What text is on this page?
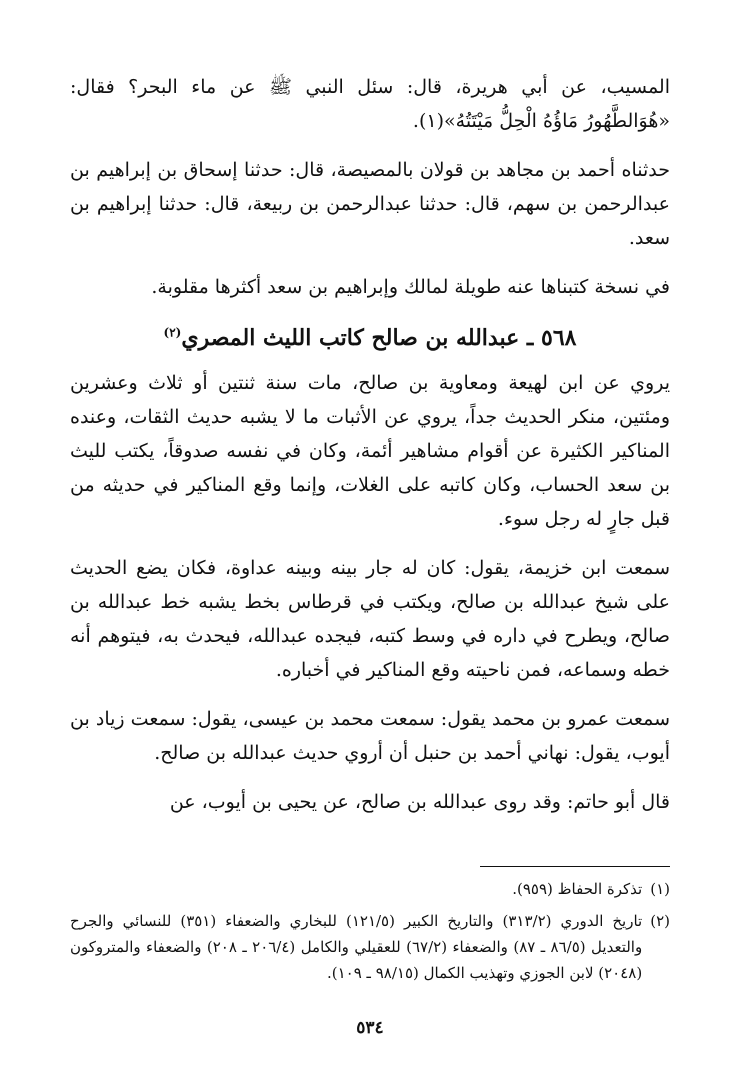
المسيب، عن أبي هريرة، قال: سئل النبي ﷺ عن ماء البحر؟ فقال: «هُوَالطَّهُورُ مَاؤُهُ الْحِلُّ مَيْتَتُهُ»(١).

حدثناه أحمد بن مجاهد بن قولان بالمصيصة، قال: حدثنا إسحاق بن إبراهيم بن عبدالرحمن بن سهم، قال: حدثنا عبدالرحمن بن ربيعة، قال: حدثنا إبراهيم بن سعد.

في نسخة كتبناها عنه طويلة لمالك وإبراهيم بن سعد أكثرها مقلوبة.

٥٦٨ ـ عبدالله بن صالح كاتب الليث المصري$^{(٢)}$

يروي عن ابن لهيعة ومعاوية بن صالح، مات سنة ثنتين أو ثلاث وعشرين ومئتين، منكر الحديث جداً، يروي عن الأثبات ما لا يشبه حديث الثقات، وعنده المناكير الكثيرة عن أقوام مشاهير أئمة، وكان في نفسه صدوقاً، يكتب لليث بن سعد الحساب، وكان كاتبه على الغلات، وإنما وقع المناكير في حديثه من قبل جارٍ له رجل سوء.

سمعت ابن خزيمة، يقول: كان له جار بينه وبينه عداوة، فكان يضع الحديث على شيخ عبدالله بن صالح، ويكتب في قرطاس بخط يشبه خط عبدالله بن صالح، ويطرح في داره في وسط كتبه، فيجده عبدالله، فيحدث به، فيتوهم أنه خطه وسماعه، فمن ناحيته وقع المناكير في أخباره.

سمعت عمرو بن محمد يقول: سمعت محمد بن عيسى، يقول: سمعت زياد بن أيوب، يقول: نهاني أحمد بن حنبل أن أروي حديث عبدالله بن صالح.

قال أبو حاتم: وقد روى عبدالله بن صالح، عن يحيى بن أيوب، عن

(١)
تذكرة الحفاظ (٩٥٩).
(٢)
تاريخ الدوري (٣١٣/٢) والتاريخ الكبير (١٢١/٥) للبخاري والضعفاء (٣٥١) للنسائي والجرح والتعديل (٨٦/٥ ـ ٨٧) والضعفاء (٦٧/٢) للعقيلي والكامل (٢٠٦/٤ ـ ٢٠٨) والضعفاء والمتروكون (٢٠٤٨) لابن الجوزي وتهذيب الكمال (٩٨/١٥ ـ ١٠٩).
٥٣٤
